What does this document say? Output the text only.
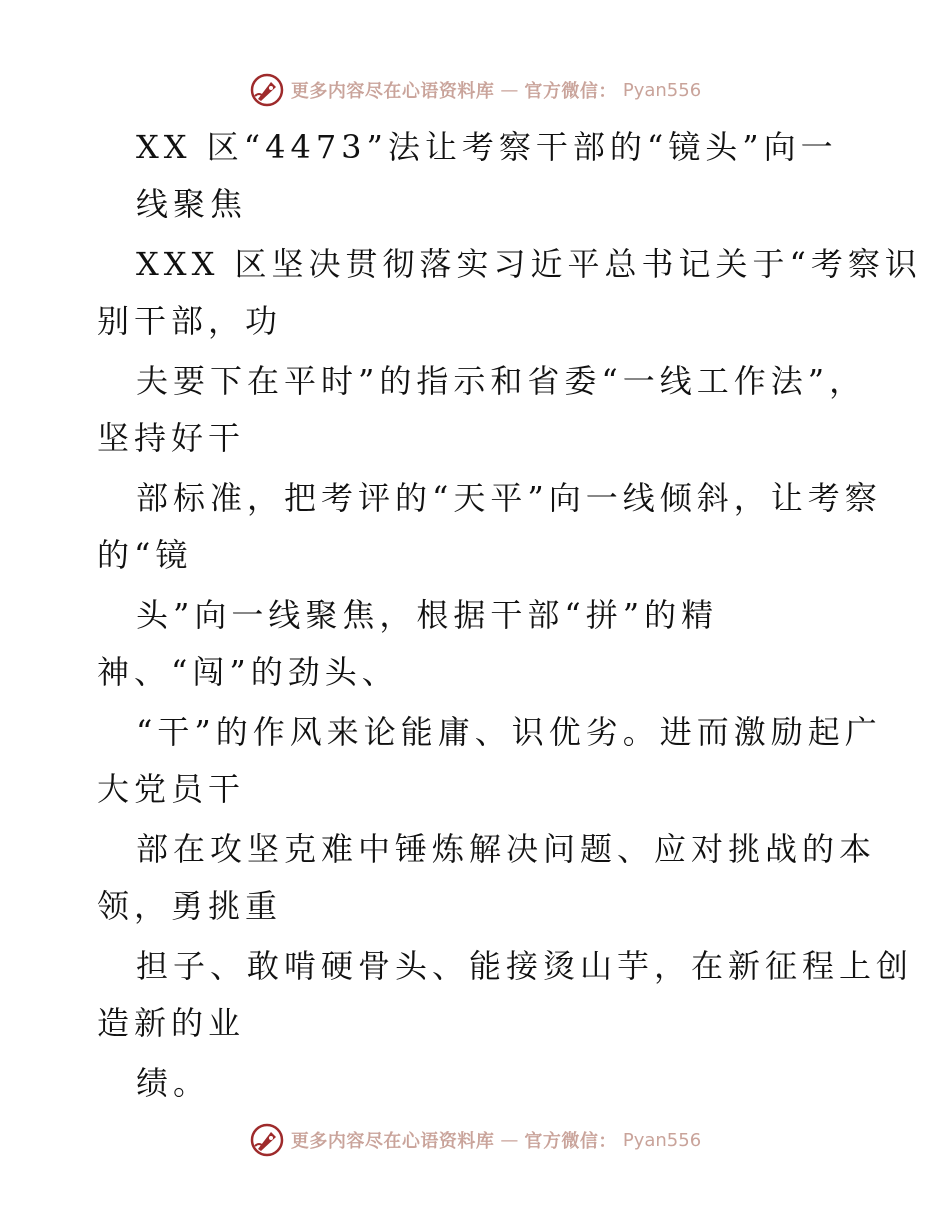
更多内容尽在心语资料库 — 官方微信： Pyan556
XX 区“4473”法让考察干部的“镜头”向一
线聚焦
XXX 区坚决贯彻落实习近平总书记关于“考察识
别干部，功
夫要下在平时”的指示和省委“一线工作法”，
坚持好干
部标准，把考评的“天平”向一线倾斜，让考察
的“镜
头”向一线聚焦，根据干部“拼”的精
神、“闯”的劲头、
“干”的作风来论能庸、识优劣。进而激励起广
大党员干
部在攻坚克难中锤炼解决问题、应对挑战的本
领，勇挑重
担子、敢啃硬骨头、能接烫山芋，在新征程上创
造新的业
绩。
更多内容尽在心语资料库 — 官方微信： Pyan556
